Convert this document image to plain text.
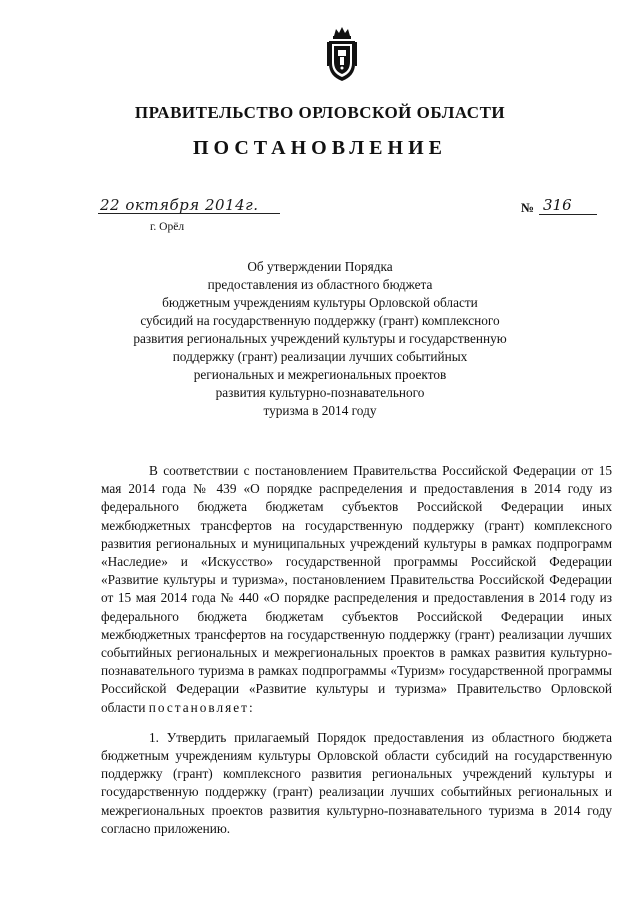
ПРАВИТЕЛЬСТВО ОРЛОВСКОЙ ОБЛАСТИ
ПОСТАНОВЛЕНИЕ
22 октября 2014г.
г. Орёл
№ 316
Об утверждении Порядка
предоставления из областного бюджета
бюджетным учреждениям культуры Орловской области
субсидий на государственную поддержку (грант) комплексного
развития региональных учреждений культуры и государственную
поддержку (грант) реализации лучших событийных
региональных и межрегиональных проектов
развития культурно-познавательного
туризма в 2014 году

В соответствии с постановлением Правительства Российской Федерации от 15 мая 2014 года № 439 «О порядке распределения и предоставления в 2014 году из федерального бюджета бюджетам субъектов Российской Федерации иных межбюджетных трансфертов на государственную поддержку (грант) комплексного развития региональных и муниципальных учреждений культуры в рамках подпрограмм «Наследие» и «Искусство» государственной программы Российской Федерации «Развитие культуры и туризма», постановлением Правительства Российской Федерации от 15 мая 2014 года № 440 «О порядке распределения и предоставления в 2014 году из федерального бюджета бюджетам субъектов Российской Федерации иных межбюджетных трансфертов на государственную поддержку (грант) реализации лучших событийных региональных и межрегиональных проектов в рамках развития культурно-познавательного туризма в рамках подпрограммы «Туризм» государственной программы Российской Федерации «Развитие культуры и туризма» Правительство Орловской области постановляет:

1. Утвердить прилагаемый Порядок предоставления из областного бюджета бюджетным учреждениям культуры Орловской области субсидий на государственную поддержку (грант) комплексного развития региональных учреждений культуры и государственную поддержку (грант) реализации лучших событийных региональных и межрегиональных проектов развития культурно-познавательного туризма в 2014 году согласно приложению.
